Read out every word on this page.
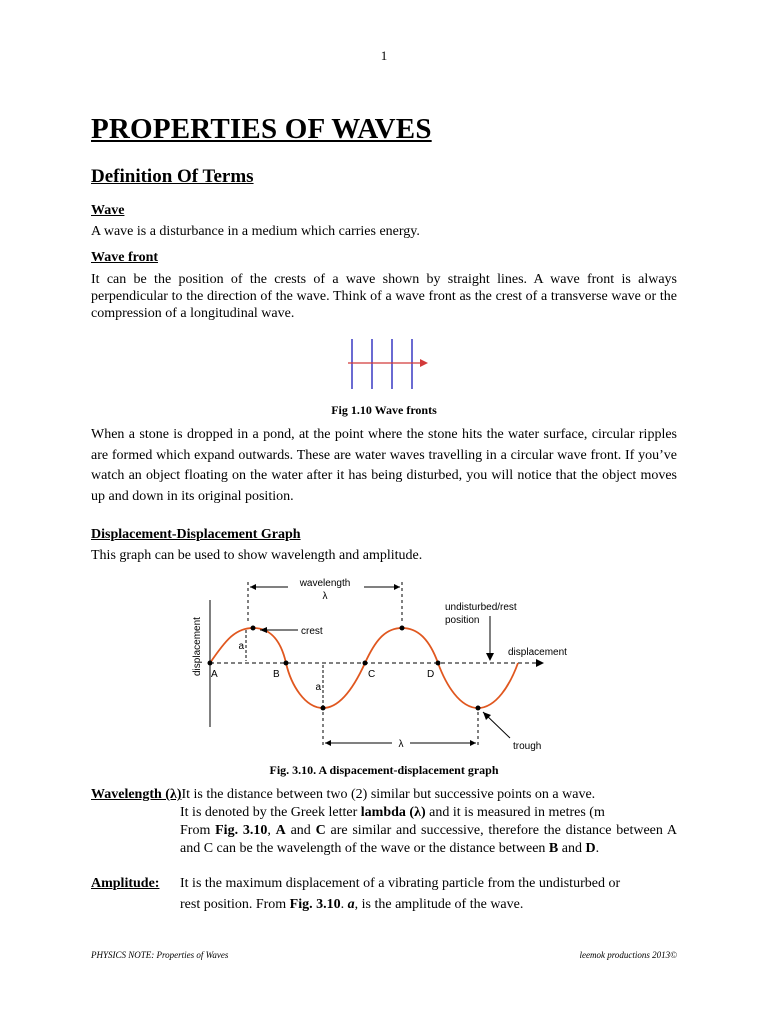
1
PROPERTIES OF WAVES
Definition Of Terms
Wave

A wave is a disturbance in a medium which carries energy.

Wave front

It can be the position of the crests of a wave shown by straight lines. A wave front is always perpendicular to the direction of the wave. Think of a wave front as the crest of a transverse wave or the compression of a longitudinal wave.

Fig 1.10 Wave fronts

When a stone is dropped in a pond, at the point where the stone hits the water surface, circular ripples are formed which expand outwards. These are water waves travelling in a circular wave front. If you’ve watch an object floating on the water after it has being disturbed, you will notice that the object moves up and down in its original position.

Displacement-Displacement Graph

This graph can be used to show wavelength and amplitude.

wavelength
λ
crest
a
a
A	B	C	D
displacement
undisturbed/rest
position
displacement
trough
λ
Fig. 3.10. A dispacement-displacement graph
Wavelength (λ)It is the distance between two (2) similar but successive points on a wave.
It is denoted by the Greek letter lambda (λ) and it is measured in metres (m
From Fig. 3.10, A and C are similar and successive, therefore the distance between A and C can be the wavelength of the wave or the distance between B and D.
Amplitude: It is the maximum displacement of a vibrating particle from the undisturbed or
rest position. From Fig. 3.10. a, is the amplitude of the wave.
PHYSICS NOTE: Properties of Waves	leemok productions 2013©
